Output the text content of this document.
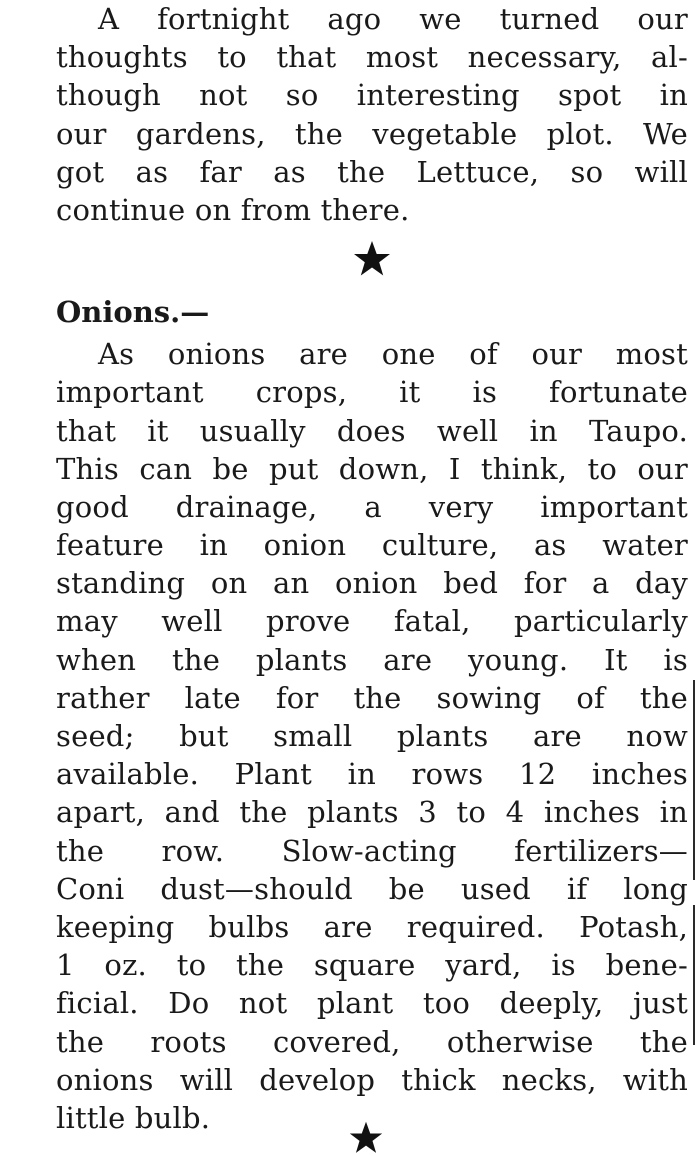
A fortnight ago we turned our
thoughts to that most necessary, al-
though not so interesting spot in
our gardens, the vegetable plot. We
got as far as the Lettuce, so will
continue on from there.
Onions.—
As onions are one of our most
important crops, it is fortunate
that it usually does well in Taupo.
This can be put down, I think, to our
good drainage, a very important
feature in onion culture, as water
standing on an onion bed for a day
may well prove fatal, particularly
when the plants are young. It is
rather late for the sowing of the
seed; but small plants are now
available. Plant in rows 12 inches
apart, and the plants 3 to 4 inches in
the row. Slow-acting fertilizers—
Coni dust—should be used if long
keeping bulbs are required. Potash,
1 oz. to the square yard, is bene-
ficial. Do not plant too deeply, just
the roots covered, otherwise the
onions will develop thick necks, with
little bulb.
